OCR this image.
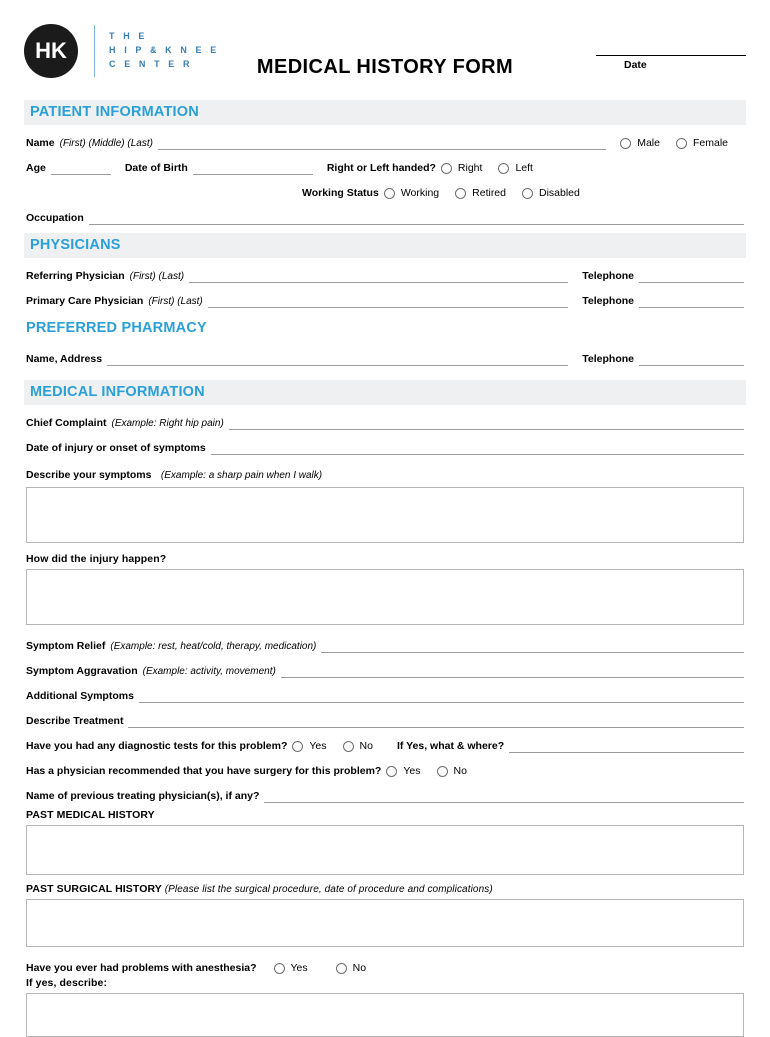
HK
T H E
H I P & K N E E
C E N T E R	MEDICAL HISTORY FORM	Date
PATIENT INFORMATION
Name (First) (Middle) (Last)	Male	Female
Age	Date of Birth	Right or Left handed?	Right	Left
Working Status	Working	Retired	Disabled
Occupation
PHYSICIANS
Referring Physician (First) (Last)	Telephone
Primary Care Physician (First) (Last)	Telephone
PREFERRED PHARMACY
Name, Address	Telephone
MEDICAL INFORMATION
Chief Complaint (Example: Right hip pain)
Date of injury or onset of symptoms
Describe your symptoms (Example: a sharp pain when I walk)
How did the injury happen?
Symptom Relief (Example: rest, heat/cold, therapy, medication)
Symptom Aggravation (Example: activity, movement)
Additional Symptoms
Describe Treatment
Have you had any diagnostic tests for this problem?	Yes	No	If Yes, what & where?
Has a physician recommended that you have surgery for this problem?	Yes	No
Name of previous treating physician(s), if any?
PAST MEDICAL HISTORY
PAST SURGICAL HISTORY (Please list the surgical procedure, date of procedure and complications)
Have you ever had problems with anesthesia?	Yes	No
If yes, describe:
